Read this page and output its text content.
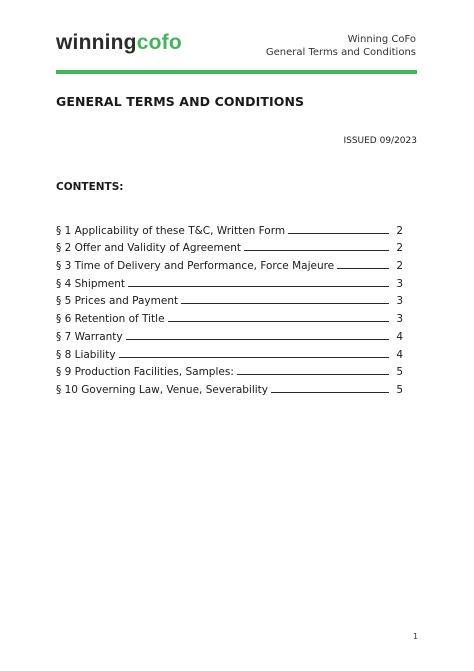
winningcofo	Winning CoFo
General Terms and Conditions
GENERAL TERMS AND CONDITIONS
ISSUED 09/2023
CONTENTS:
§ 1 Applicability of these T&C, Written Form	2
§ 2 Offer and Validity of Agreement	2
§ 3 Time of Delivery and Performance, Force Majeure	2
§ 4 Shipment	3
§ 5 Prices and Payment	3
§ 6 Retention of Title	3
§ 7 Warranty	4
§ 8 Liability	4
§ 9 Production Facilities, Samples:	5
§ 10 Governing Law, Venue, Severability	5
1
